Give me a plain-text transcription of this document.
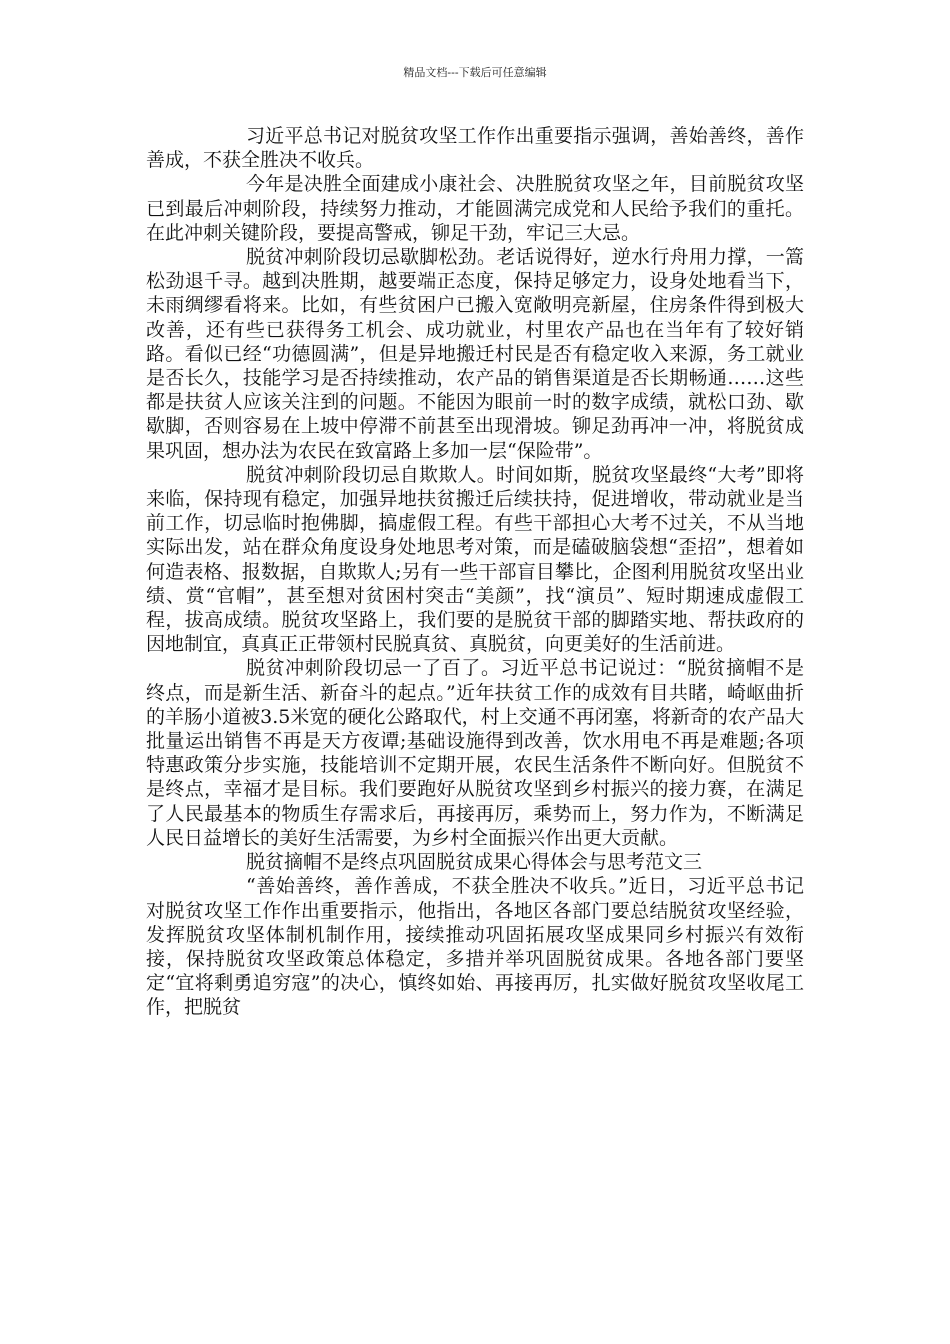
精品文档---下载后可任意编辑

习近平总书记对脱贫攻坚工作作出重要指示强调，善始善终，善作善成，不获全胜决不收兵。

今年是决胜全面建成小康社会、决胜脱贫攻坚之年，目前脱贫攻坚已到最后冲刺阶段，持续努力推动，才能圆满完成党和人民给予我们的重托。在此冲刺关键阶段，要提高警戒，铆足干劲，牢记三大忌。

脱贫冲刺阶段切忌歇脚松劲。老话说得好，逆水行舟用力撑，一篙松劲退千寻。越到决胜期，越要端正态度，保持足够定力，设身处地看当下，未雨绸缪看将来。比如，有些贫困户已搬入宽敞明亮新屋，住房条件得到极大改善，还有些已获得务工机会、成功就业，村里农产品也在当年有了较好销路。看似已经“功德圆满”，但是异地搬迁村民是否有稳定收入来源，务工就业是否长久，技能学习是否持续推动，农产品的销售渠道是否长期畅通……这些都是扶贫人应该关注到的问题。不能因为眼前一时的数字成绩，就松口劲、歇歇脚，否则容易在上坡中停滞不前甚至出现滑坡。铆足劲再冲一冲，将脱贫成果巩固，想办法为农民在致富路上多加一层“保险带”。

脱贫冲刺阶段切忌自欺欺人。时间如斯，脱贫攻坚最终“大考”即将来临，保持现有稳定，加强异地扶贫搬迁后续扶持，促进增收，带动就业是当前工作，切忌临时抱佛脚，搞虚假工程。有些干部担心大考不过关，不从当地实际出发，站在群众角度设身处地思考对策，而是磕破脑袋想“歪招”，想着如何造表格、报数据，自欺欺人;另有一些干部盲目攀比，企图利用脱贫攻坚出业绩、赏“官帽”，甚至想对贫困村突击“美颜”，找“演员”、短时期速成虚假工程，拔高成绩。脱贫攻坚路上，我们要的是脱贫干部的脚踏实地、帮扶政府的因地制宜，真真正正带领村民脱真贫、真脱贫，向更美好的生活前进。

脱贫冲刺阶段切忌一了百了。习近平总书记说过：“脱贫摘帽不是终点，而是新生活、新奋斗的起点。”近年扶贫工作的成效有目共睹，崎岖曲折的羊肠小道被3.5米宽的硬化公路取代，村上交通不再闭塞，将新奇的农产品大批量运出销售不再是天方夜谭;基础设施得到改善，饮水用电不再是难题;各项特惠政策分步实施，技能培训不定期开展，农民生活条件不断向好。但脱贫不是终点，幸福才是目标。我们要跑好从脱贫攻坚到乡村振兴的接力赛，在满足了人民最基本的物质生存需求后，再接再厉，乘势而上，努力作为，不断满足人民日益增长的美好生活需要，为乡村全面振兴作出更大贡献。

脱贫摘帽不是终点巩固脱贫成果心得体会与思考范文三

“善始善终，善作善成，不获全胜决不收兵。”近日，习近平总书记对脱贫攻坚工作作出重要指示，他指出，各地区各部门要总结脱贫攻坚经验，发挥脱贫攻坚体制机制作用，接续推动巩固拓展攻坚成果同乡村振兴有效衔接，保持脱贫攻坚政策总体稳定，多措并举巩固脱贫成果。各地各部门要坚定“宜将剩勇追穷寇”的决心，慎终如始、再接再厉，扎实做好脱贫攻坚收尾工作，把脱贫
